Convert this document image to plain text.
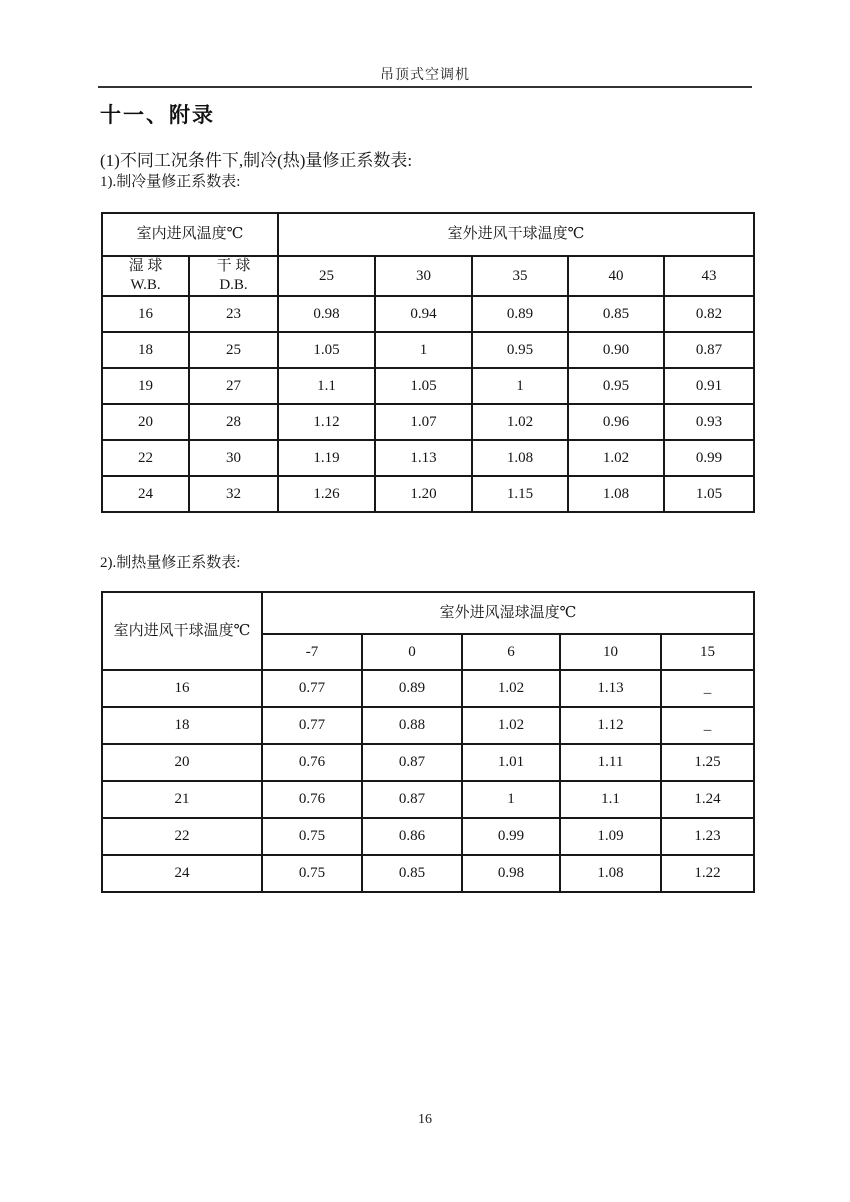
吊顶式空调机
十一、附录
(1)不同工况条件下,制冷(热)量修正系数表:
1).制冷量修正系数表:
室内进风温度℃		室外进风干球温度℃				
湿 球
W.B.	干 球
D.B.	25	30	35	40	43
16	23	0.98	0.94	0.89	0.85	0.82
18	25	1.05	1	0.95	0.90	0.87
19	27	1.1	1.05	1	0.95	0.91
20	28	1.12	1.07	1.02	0.96	0.93
22	30	1.19	1.13	1.08	1.02	0.99
24	32	1.26	1.20	1.15	1.08	1.05
2).制热量修正系数表:
室内进风干球温度℃	室外进风湿球温度℃				
	-7	0	6	10	15
16	0.77	0.89	1.02	1.13	_
18	0.77	0.88	1.02	1.12	_
20	0.76	0.87	1.01	1.11	1.25
21	0.76	0.87	1	1.1	1.24
22	0.75	0.86	0.99	1.09	1.23
24	0.75	0.85	0.98	1.08	1.22
16
